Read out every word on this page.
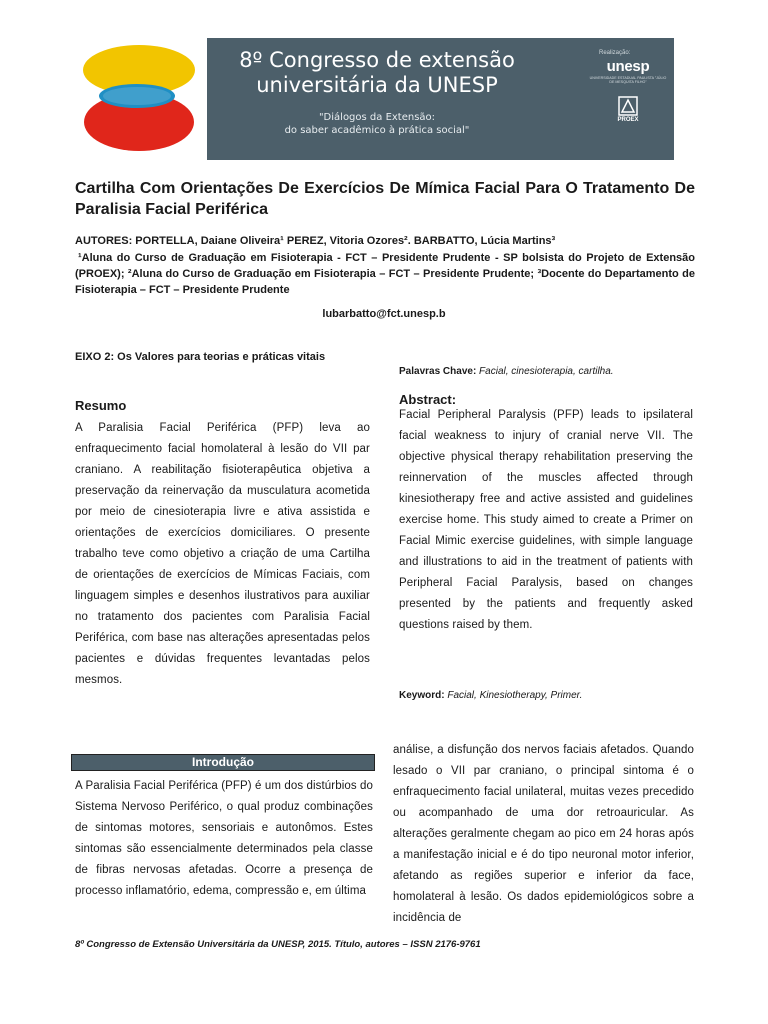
8º Congresso de extensão
universitária da UNESP
"Diálogos da Extensão:
do saber acadêmico à prática social"
Realização:
unesp
UNIVERSIDADE ESTADUAL PAULISTA "JÚLIO DE MESQUITA FILHO"
PROEX
Cartilha Com Orientações De Exercícios De Mímica Facial Para O Tratamento De Paralisia Facial Periférica
AUTORES: PORTELLA, Daiane Oliveira¹ PEREZ, Vitoria Ozores². BARBATTO, Lúcia Martins³
¹Aluna do Curso de Graduação em Fisioterapia - FCT – Presidente Prudente - SP bolsista do Projeto de Extensão (PROEX); ²Aluna do Curso de Graduação em Fisioterapia – FCT – Presidente Prudente; ³Docente do Departamento de Fisioterapia – FCT – Presidente Prudente
lubarbatto@fct.unesp.b
EIXO 2: Os Valores para teorias e práticas vitais
Palavras Chave: Facial, cinesioterapia, cartilha.
Resumo
A Paralisia Facial Periférica (PFP) leva ao enfraquecimento facial homolateral à lesão do VII par craniano. A reabilitação fisioterapêutica objetiva a preservação da reinervação da musculatura acometida por meio de cinesioterapia livre e ativa assistida e orientações de exercícios domiciliares. O presente trabalho teve como objetivo a criação de uma Cartilha de orientações de exercícios de Mímicas Faciais, com linguagem simples e desenhos ilustrativos para auxiliar no tratamento dos pacientes com Paralisia Facial Periférica, com base nas alterações apresentadas pelos pacientes e dúvidas frequentes levantadas pelos mesmos.
Abstract:
Facial Peripheral Paralysis (PFP) leads to ipsilateral facial weakness to injury of cranial nerve VII. The objective physical therapy rehabilitation preserving the reinnervation of the muscles affected through kinesiotherapy free and active assisted and guidelines exercise home. This study aimed to create a Primer on Facial Mimic exercise guidelines, with simple language and illustrations to aid in the treatment of patients with Peripheral Facial Paralysis, based on changes presented by the patients and frequently asked questions raised by them.
Keyword: Facial, Kinesiotherapy, Primer.
Introdução
A Paralisia Facial Periférica (PFP) é um dos distúrbios do Sistema Nervoso Periférico, o qual produz combinações de sintomas motores, sensoriais e autonômos. Estes sintomas são essencialmente determinados pela classe de fibras nervosas afetadas. Ocorre a presença de processo inflamatório, edema, compressão e, em última
análise, a disfunção dos nervos faciais afetados. Quando lesado o VII par craniano, o principal sintoma é o enfraquecimento facial unilateral, muitas vezes precedido ou acompanhado de uma dor retroauricular. As alterações geralmente chegam ao pico em 24 horas após a manifestação inicial e é do tipo neuronal motor inferior, afetando as regiões superior e inferior da face, homolateral à lesão. Os dados epidemiológicos sobre a incidência de
8º Congresso de Extensão Universitária da UNESP, 2015. Título, autores – ISSN 2176-9761
